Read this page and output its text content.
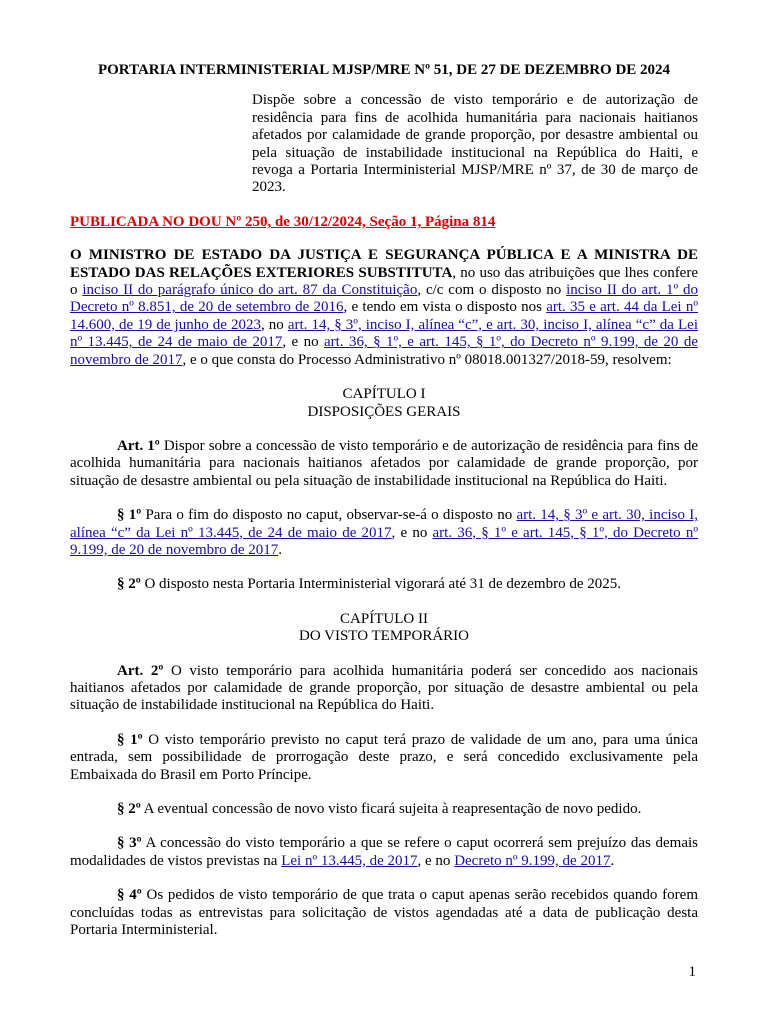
PORTARIA INTERMINISTERIAL MJSP/MRE Nº 51, DE 27 DE DEZEMBRO DE 2024
Dispõe sobre a concessão de visto temporário e de autorização de residência para fins de acolhida humanitária para nacionais haitianos afetados por calamidade de grande proporção, por desastre ambiental ou pela situação de instabilidade institucional na República do Haiti, e revoga a Portaria Interministerial MJSP/MRE nº 37, de 30 de março de 2023.
PUBLICADA NO DOU Nº 250, de 30/12/2024, Seção 1, Página 814
O MINISTRO DE ESTADO DA JUSTIÇA E SEGURANÇA PÚBLICA E A MINISTRA DE ESTADO DAS RELAÇÕES EXTERIORES SUBSTITUTA, no uso das atribuições que lhes confere o inciso II do parágrafo único do art. 87 da Constituição, c/c com o disposto no inciso II do art. 1º do Decreto nº 8.851, de 20 de setembro de 2016, e tendo em vista o disposto nos art. 35 e art. 44 da Lei nº 14.600, de 19 de junho de 2023, no art. 14, § 3º, inciso I, alínea “c”, e art. 30, inciso I, alínea “c” da Lei nº 13.445, de 24 de maio de 2017, e no art. 36, § 1º, e art. 145, § 1º, do Decreto nº 9.199, de 20 de novembro de 2017, e o que consta do Processo Administrativo nº 08018.001327/2018-59, resolvem:
CAPÍTULO I
DISPOSIÇÕES GERAIS

Art. 1º Dispor sobre a concessão de visto temporário e de autorização de residência para fins de acolhida humanitária para nacionais haitianos afetados por calamidade de grande proporção, por situação de desastre ambiental ou pela situação de instabilidade institucional na República do Haiti.

§ 1º Para o fim do disposto no caput, observar-se-á o disposto no art. 14, § 3º e art. 30, inciso I, alínea “c” da Lei nº 13.445, de 24 de maio de 2017, e no art. 36, § 1º e art. 145, § 1º, do Decreto nº 9.199, de 20 de novembro de 2017.

§ 2º O disposto nesta Portaria Interministerial vigorará até 31 de dezembro de 2025.

CAPÍTULO II
DO VISTO TEMPORÁRIO

Art. 2º O visto temporário para acolhida humanitária poderá ser concedido aos nacionais haitianos afetados por calamidade de grande proporção, por situação de desastre ambiental ou pela situação de instabilidade institucional na República do Haiti.

§ 1º O visto temporário previsto no caput terá prazo de validade de um ano, para uma única entrada, sem possibilidade de prorrogação deste prazo, e será concedido exclusivamente pela Embaixada do Brasil em Porto Príncipe.

§ 2º A eventual concessão de novo visto ficará sujeita à reapresentação de novo pedido.

§ 3º A concessão do visto temporário a que se refere o caput ocorrerá sem prejuízo das demais modalidades de vistos previstas na Lei nº 13.445, de 2017, e no Decreto nº 9.199, de 2017.

§ 4º Os pedidos de visto temporário de que trata o caput apenas serão recebidos quando forem concluídas todas as entrevistas para solicitação de vistos agendadas até a data de publicação desta Portaria Interministerial.

1
